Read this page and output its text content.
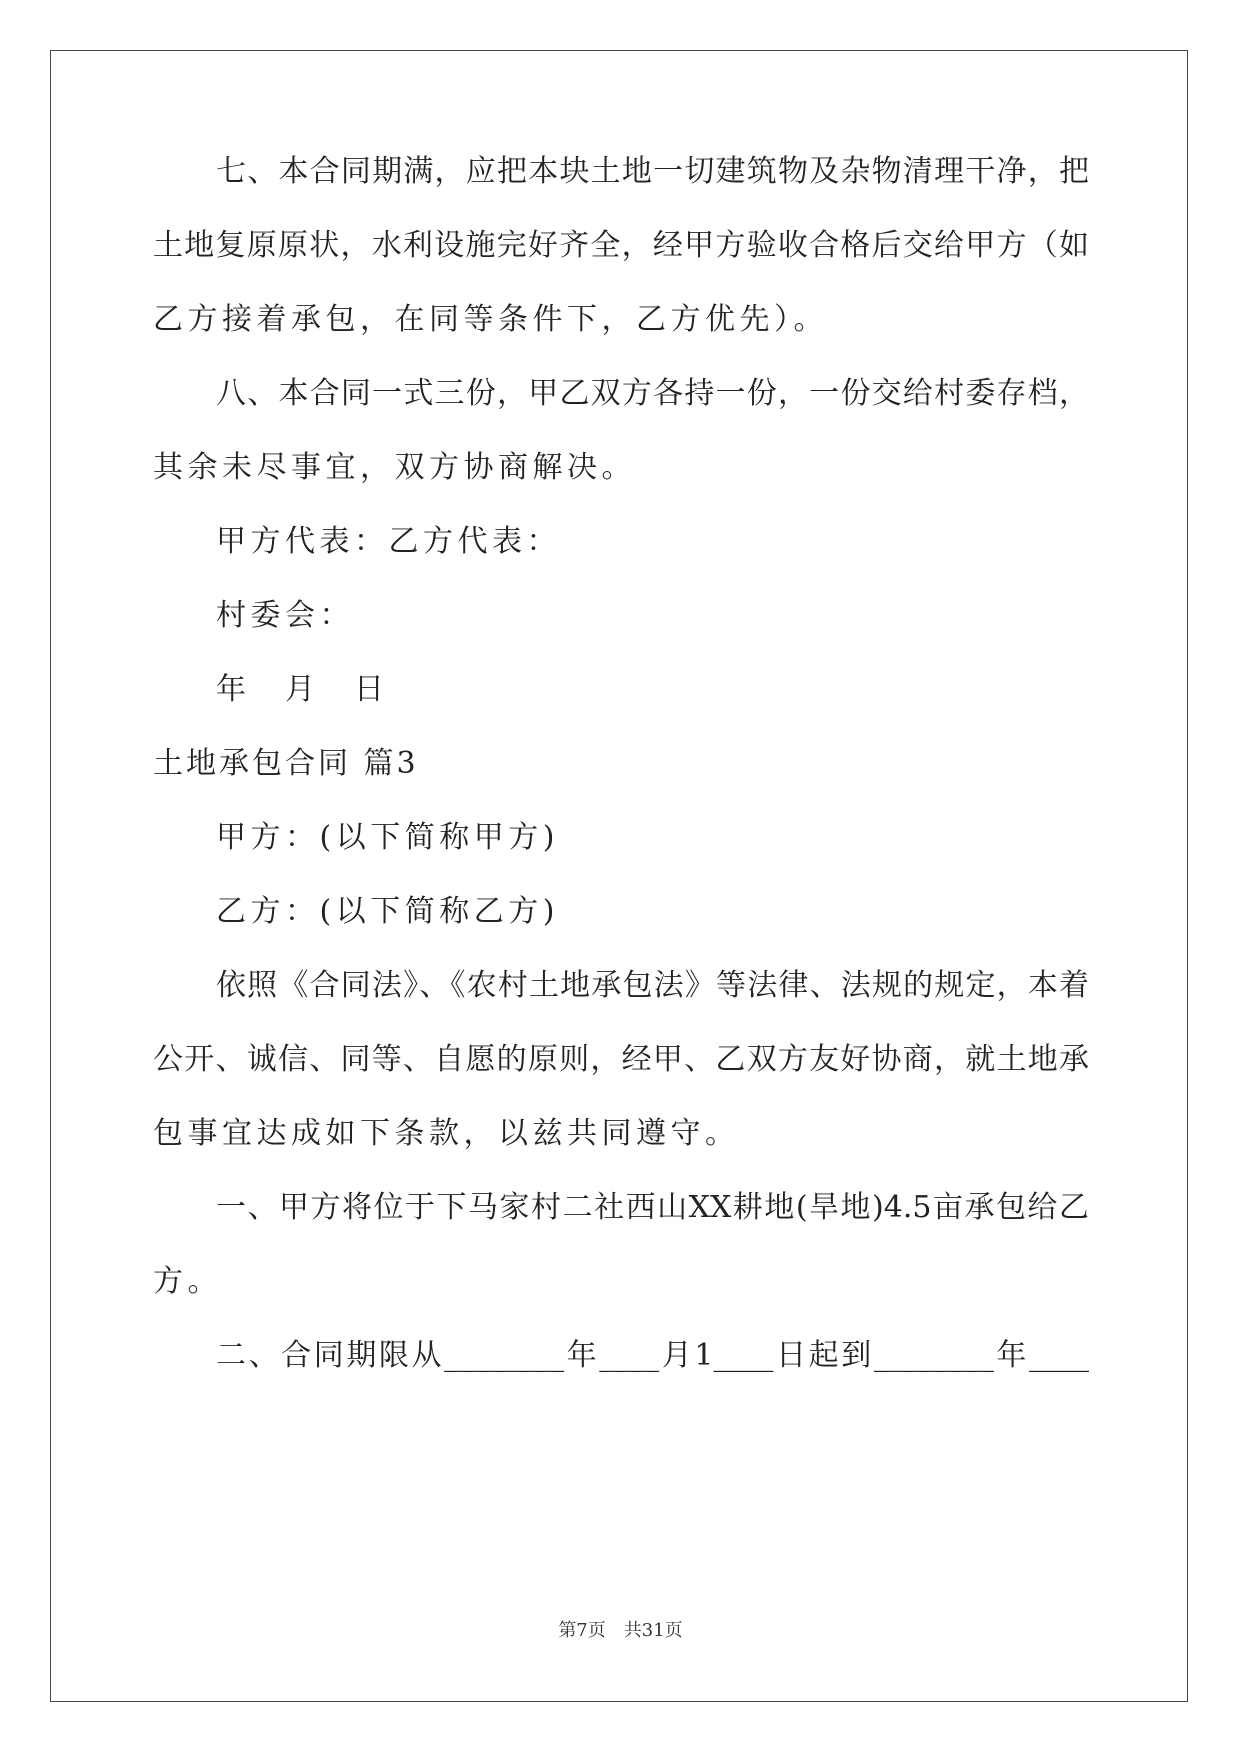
七、本合同期满，应把本块土地一切建筑物及杂物清理干净，把
土地复原原状，水利设施完好齐全，经甲方验收合格后交给甲方（如
乙方接着承包，在同等条件下，乙方优先）。
八、本合同一式三份，甲乙双方各持一份，一份交给村委存档，
其余未尽事宜，双方协商解决。
甲方代表：乙方代表：
村委会：
年　月　日
土地承包合同 篇3
甲方：(以下简称甲方)
乙方：(以下简称乙方)
依照《合同法》、《农村土地承包法》等法律、法规的规定，本着
公开、诚信、同等、自愿的原则，经甲、乙双方友好协商，就土地承
包事宜达成如下条款，以兹共同遵守。
一、甲方将位于下马家村二社西山XX耕地(旱地)4.5亩承包给乙
方。
二、合同期限从________年____月1____日起到________年____
第7页　共31页
